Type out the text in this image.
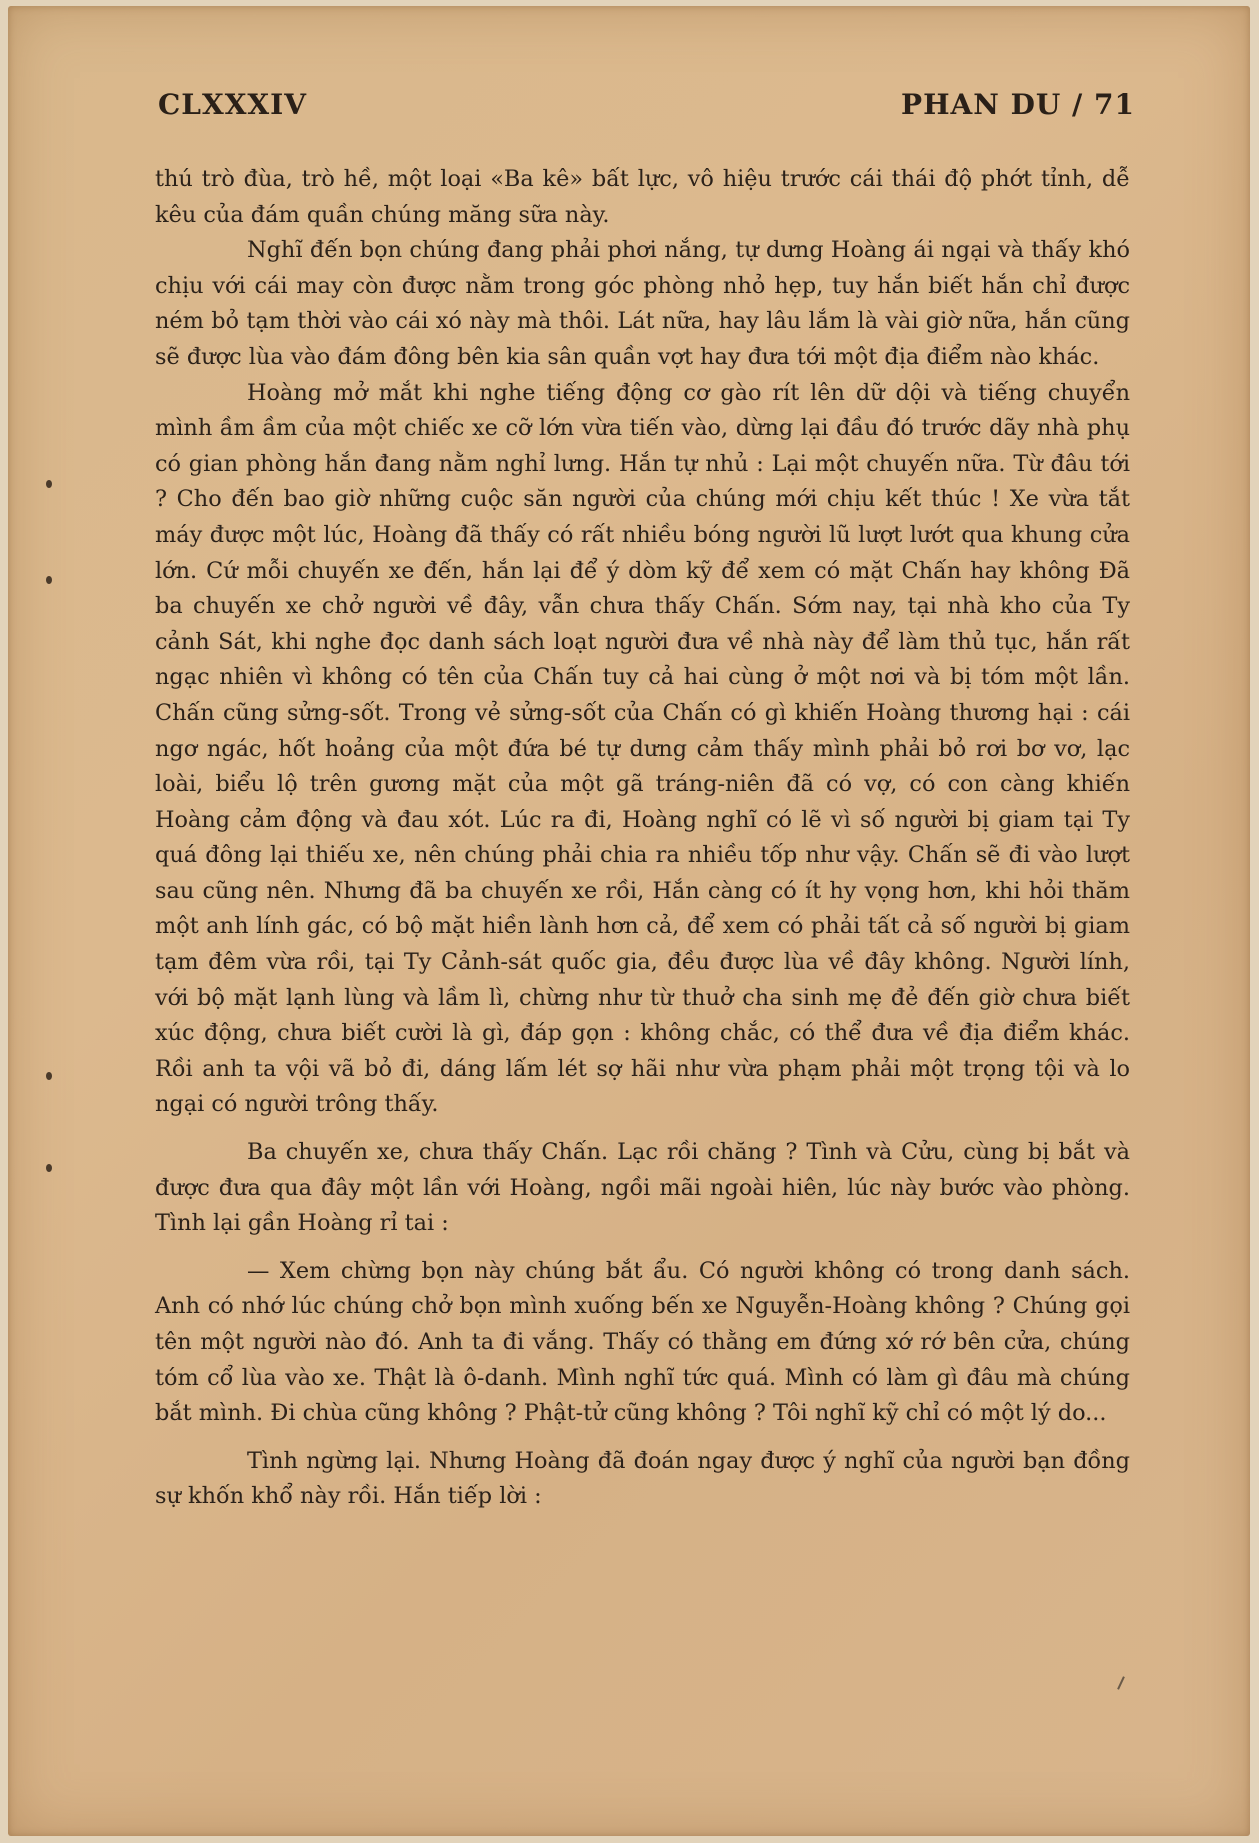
CLXXXIV	PHAN DU / 71

thú trò đùa, trò hề, một loại «Ba kê» bất lực, vô hiệu trước cái thái độ phớt tỉnh, dễ kêu của đám quần chúng măng sữa này.

Nghĩ đến bọn chúng đang phải phơi nắng, tự dưng Hoàng ái ngại và thấy khó chịu với cái may còn được nằm trong góc phòng nhỏ hẹp, tuy hắn biết hắn chỉ được ném bỏ tạm thời vào cái xó này mà thôi. Lát nữa, hay lâu lắm là vài giờ nữa, hắn cũng sẽ được lùa vào đám đông bên kia sân quần vợt hay đưa tới một địa điểm nào khác.

Hoàng mở mắt khi nghe tiếng động cơ gào rít lên dữ dội và tiếng chuyển mình ầm ầm của một chiếc xe cỡ lớn vừa tiến vào, dừng lại đầu đó trước dãy nhà phụ có gian phòng hắn đang nằm nghỉ lưng. Hắn tự nhủ : Lại một chuyến nữa. Từ đâu tới ? Cho đến bao giờ những cuộc săn người của chúng mới chịu kết thúc ! Xe vừa tắt máy được một lúc, Hoàng đã thấy có rất nhiều bóng người lũ lượt lướt qua khung cửa lớn. Cứ mỗi chuyến xe đến, hắn lại để ý dòm kỹ để xem có mặt Chấn hay không Đã ba chuyến xe chở người về đây, vẫn chưa thấy Chấn. Sớm nay, tại nhà kho của Ty cảnh Sát, khi nghe đọc danh sách loạt người đưa về nhà này để làm thủ tục, hắn rất ngạc nhiên vì không có tên của Chấn tuy cả hai cùng ở một nơi và bị tóm một lần. Chấn cũng sửng-sốt. Trong vẻ sửng-sốt của Chấn có gì khiến Hoàng thương hại : cái ngơ ngác, hốt hoảng của một đứa bé tự dưng cảm thấy mình phải bỏ rơi bơ vơ, lạc loài, biểu lộ trên gương mặt của một gã tráng-niên đã có vợ, có con càng khiến Hoàng cảm động và đau xót. Lúc ra đi, Hoàng nghĩ có lẽ vì số người bị giam tại Ty quá đông lại thiếu xe, nên chúng phải chia ra nhiều tốp như vậy. Chấn sẽ đi vào lượt sau cũng nên. Nhưng đã ba chuyến xe rồi, Hắn càng có ít hy vọng hơn, khi hỏi thăm một anh lính gác, có bộ mặt hiền lành hơn cả, để xem có phải tất cả số người bị giam tạm đêm vừa rồi, tại Ty Cảnh-sát quốc gia, đều được lùa về đây không. Người lính, với bộ mặt lạnh lùng và lầm lì, chừng như từ thuở cha sinh mẹ đẻ đến giờ chưa biết xúc động, chưa biết cười là gì, đáp gọn : không chắc, có thể đưa về địa điểm khác. Rồi anh ta vội vã bỏ đi, dáng lấm lét sợ hãi như vừa phạm phải một trọng tội và lo ngại có người trông thấy.

Ba chuyến xe, chưa thấy Chấn. Lạc rồi chăng ? Tình và Cửu, cùng bị bắt và được đưa qua đây một lần với Hoàng, ngồi mãi ngoài hiên, lúc này bước vào phòng. Tình lại gần Hoàng rỉ tai :

— Xem chừng bọn này chúng bắt ẩu. Có người không có trong danh sách. Anh có nhớ lúc chúng chở bọn mình xuống bến xe Nguyễn-Hoàng không ? Chúng gọi tên một người nào đó. Anh ta đi vắng. Thấy có thằng em đứng xớ rớ bên cửa, chúng tóm cổ lùa vào xe. Thật là ô-danh. Mình nghĩ tức quá. Mình có làm gì đâu mà chúng bắt mình. Đi chùa cũng không ? Phật-tử cũng không ? Tôi nghĩ kỹ chỉ có một lý do...

Tình ngừng lại. Nhưng Hoàng đã đoán ngay được ý nghĩ của người bạn đồng sự khốn khổ này rồi. Hắn tiếp lời :
